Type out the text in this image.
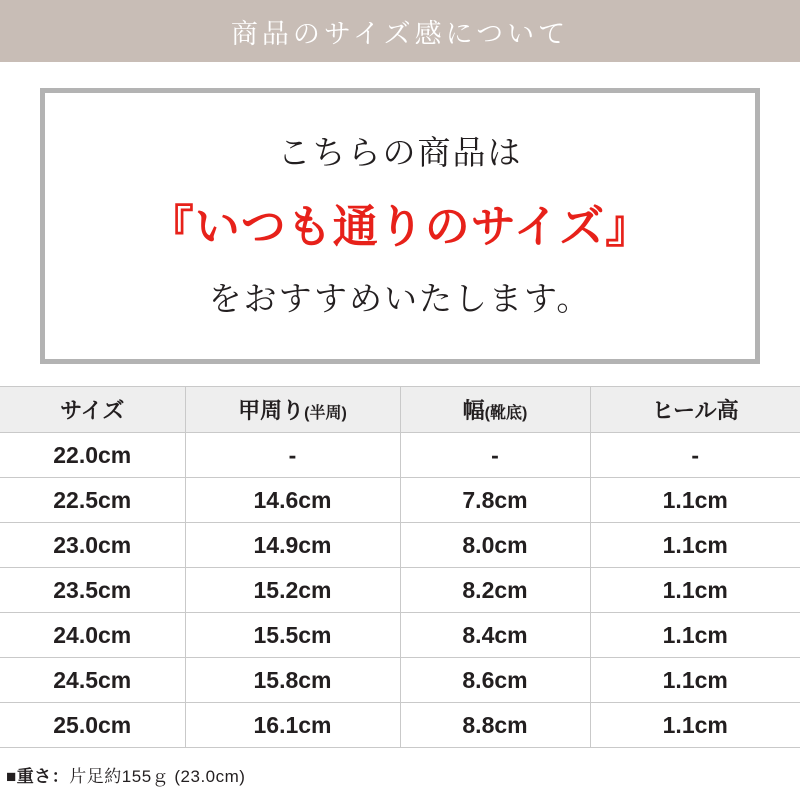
商品のサイズ感について
こちらの商品は
『いつも通りのサイズ』
をおすすめいたします。
サイズ	甲周り(半周)	幅(靴底)	ヒール高
22.0cm	-	-	-
22.5cm	14.6cm	7.8cm	1.1cm
23.0cm	14.9cm	8.0cm	1.1cm
23.5cm	15.2cm	8.2cm	1.1cm
24.0cm	15.5cm	8.4cm	1.1cm
24.5cm	15.8cm	8.6cm	1.1cm
25.0cm	16.1cm	8.8cm	1.1cm
■重さ：片足約155ｇ (23.0cm)
